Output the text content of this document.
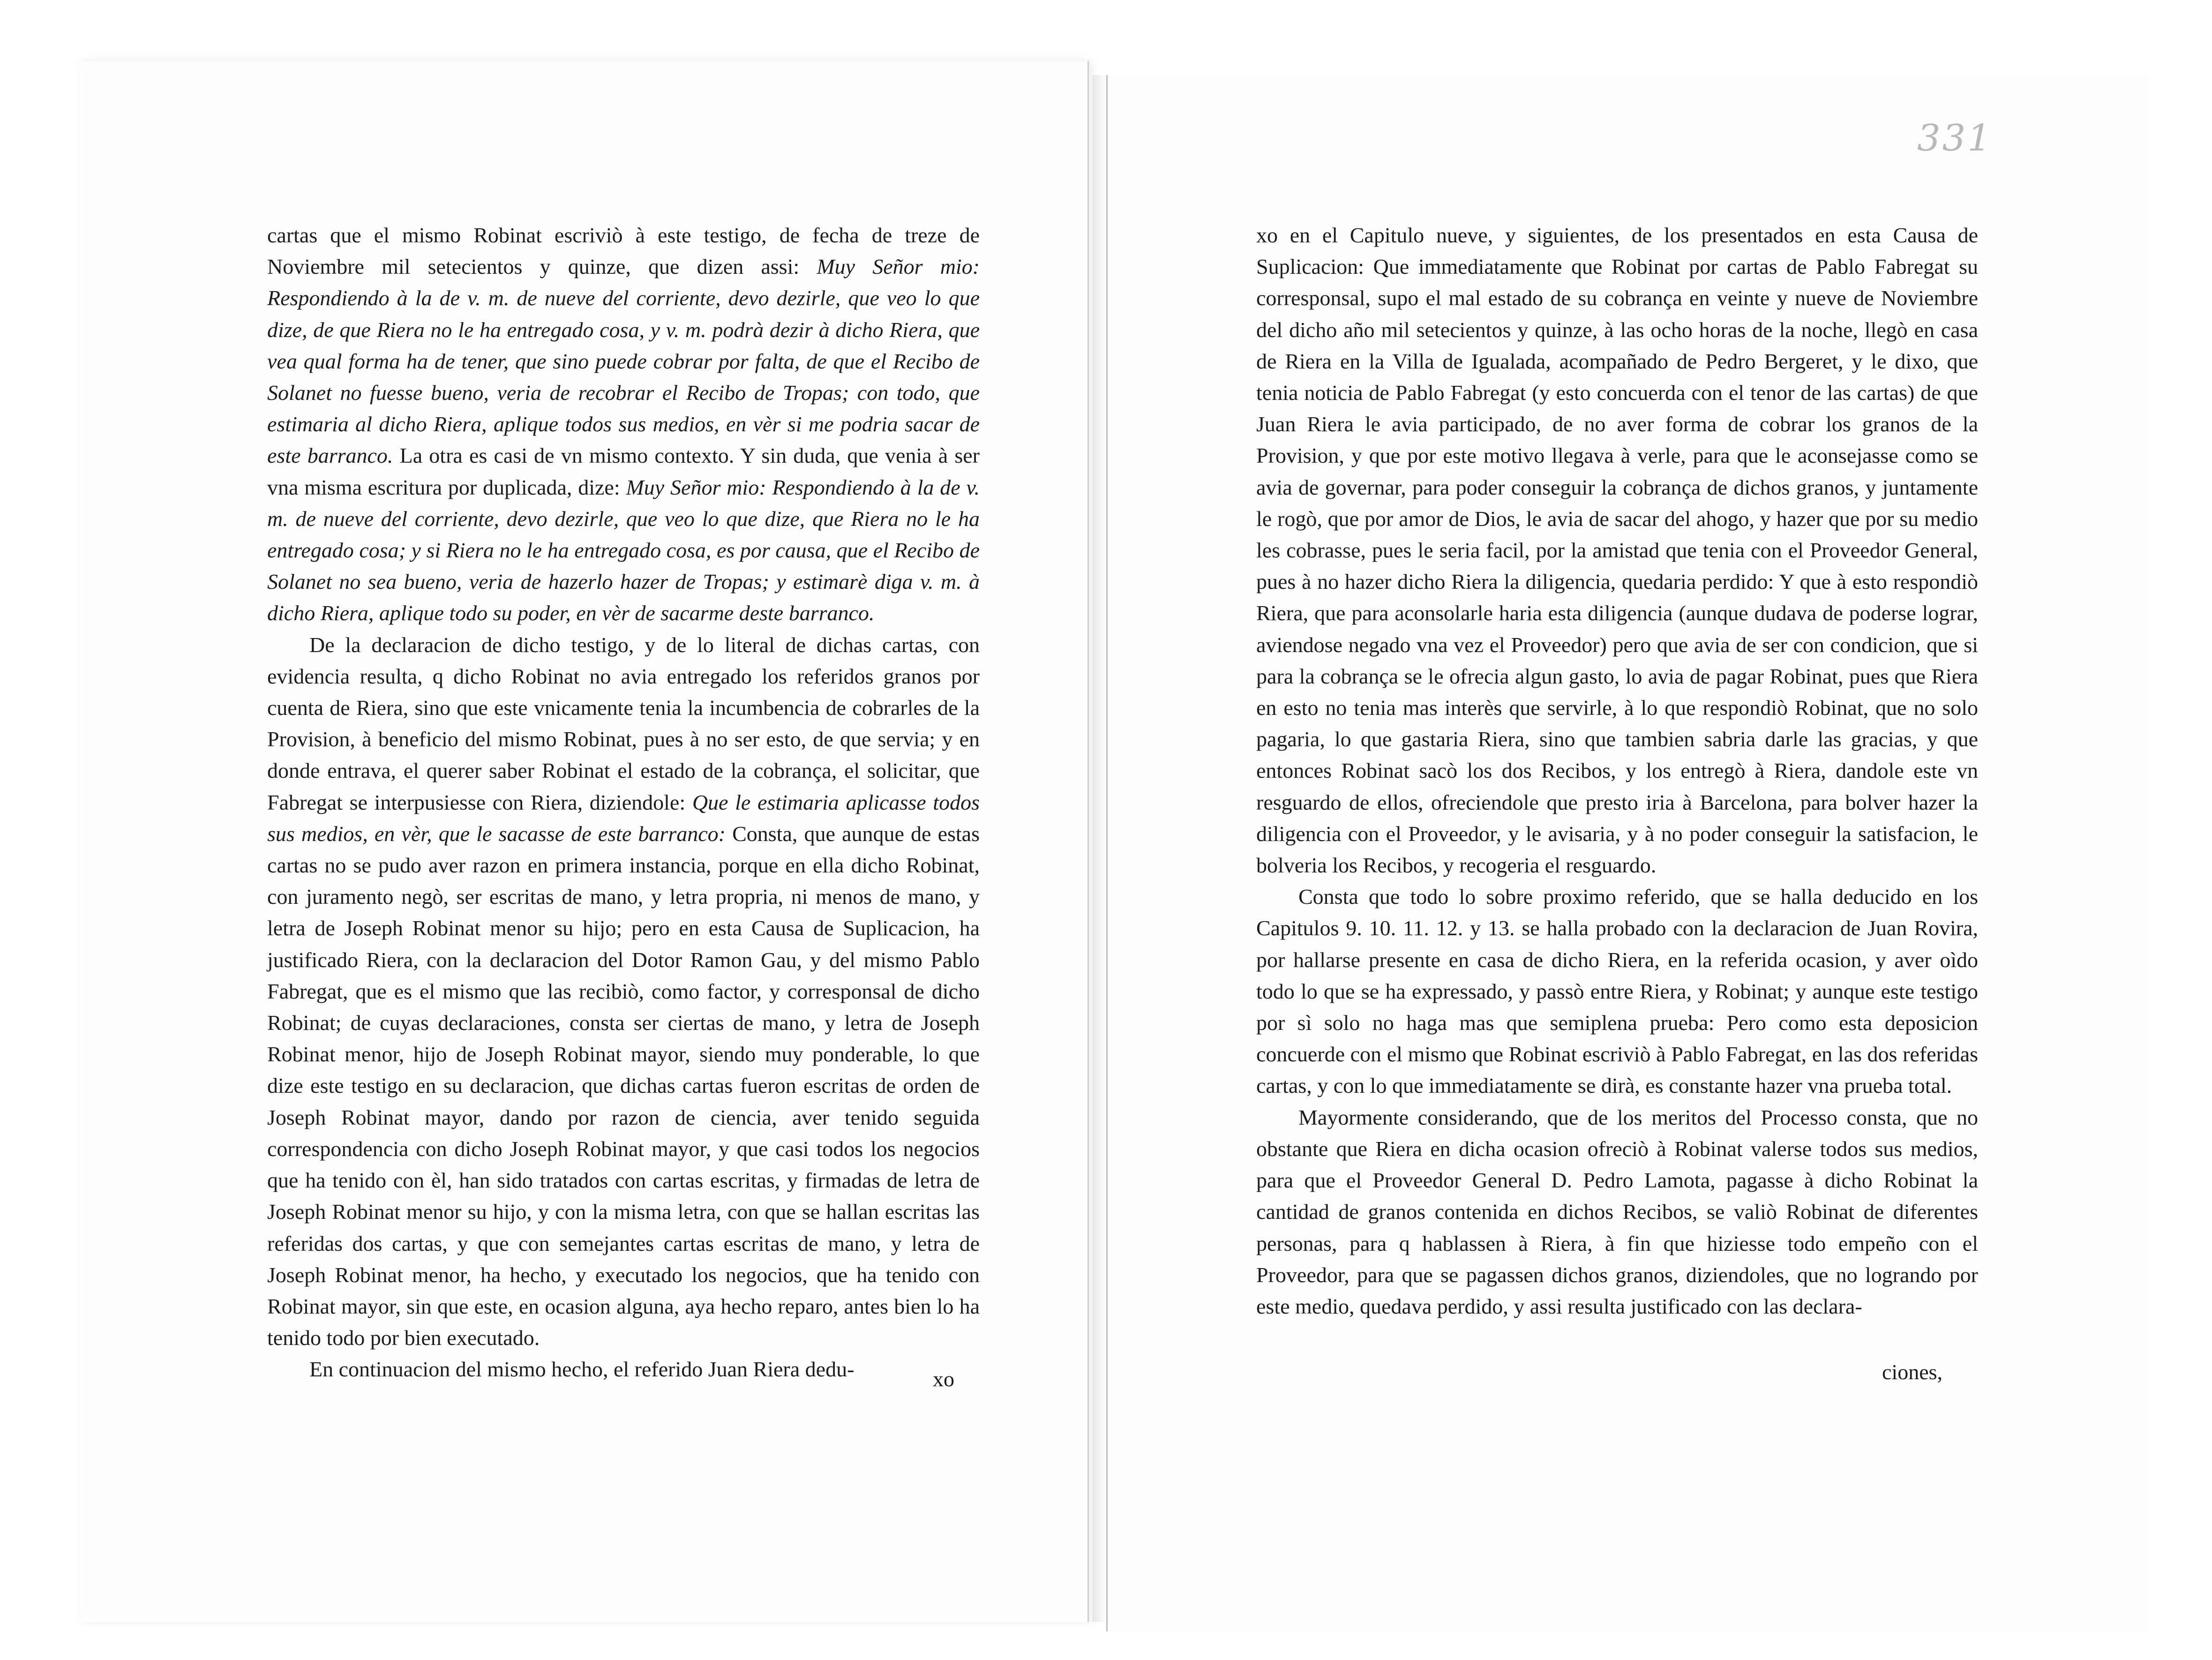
331

cartas que el mismo Robinat escriviò à este testigo, de fecha de treze de Noviembre mil setecientos y quinze, que dizen assi: Muy Señor mio: Respondiendo à la de v. m. de nueve del corriente, devo dezirle, que veo lo que dize, de que Riera no le ha entregado cosa, y v. m. podrà dezir à dicho Riera, que vea qual forma ha de tener, que sino puede cobrar por falta, de que el Recibo de Solanet no fuesse bueno, veria de recobrar el Recibo de Tropas; con todo, que estimaria al dicho Riera, aplique todos sus medios, en vèr si me podria sacar de este barranco. La otra es casi de vn mismo contexto. Y sin duda, que venia à ser vna misma escritura por duplicada, dize: Muy Señor mio: Respondiendo à la de v. m. de nueve del corriente, devo dezirle, que veo lo que dize, que Riera no le ha entregado cosa; y si Riera no le ha entregado cosa, es por causa, que el Recibo de Solanet no sea bueno, veria de hazerlo hazer de Tropas; y estimarè diga v. m. à dicho Riera, aplique todo su poder, en vèr de sacarme deste barranco.

De la declaracion de dicho testigo, y de lo literal de dichas cartas, con evidencia resulta, q dicho Robinat no avia entregado los referidos granos por cuenta de Riera, sino que este vnicamente tenia la incumbencia de cobrarles de la Provision, à beneficio del mismo Robinat, pues à no ser esto, de que servia; y en donde entrava, el querer saber Robinat el estado de la cobrança, el solicitar, que Fabregat se interpusiesse con Riera, diziendole: Que le estimaria aplicasse todos sus medios, en vèr, que le sacasse de este barranco: Consta, que aunque de estas cartas no se pudo aver razon en primera instancia, porque en ella dicho Robinat, con juramento negò, ser escritas de mano, y letra propria, ni menos de mano, y letra de Joseph Robinat menor su hijo; pero en esta Causa de Suplicacion, ha justificado Riera, con la declaracion del Dotor Ramon Gau, y del mismo Pablo Fabregat, que es el mismo que las recibiò, como factor, y corresponsal de dicho Robinat; de cuyas declaraciones, consta ser ciertas de mano, y letra de Joseph Robinat menor, hijo de Joseph Robinat mayor, siendo muy ponderable, lo que dize este testigo en su declaracion, que dichas cartas fueron escritas de orden de Joseph Robinat mayor, dando por razon de ciencia, aver tenido seguida correspondencia con dicho Joseph Robinat mayor, y que casi todos los negocios que ha tenido con èl, han sido tratados con cartas escritas, y firmadas de letra de Joseph Robinat menor su hijo, y con la misma letra, con que se hallan escritas las referidas dos cartas, y que con semejantes cartas escritas de mano, y letra de Joseph Robinat menor, ha hecho, y executado los negocios, que ha tenido con Robinat mayor, sin que este, en ocasion alguna, aya hecho reparo, antes bien lo ha tenido todo por bien executado.

En continuacion del mismo hecho, el referido Juan Riera dedu-	xo

xo en el Capitulo nueve, y siguientes, de los presentados en esta Causa de Suplicacion: Que immediatamente que Robinat por cartas de Pablo Fabregat su corresponsal, supo el mal estado de su cobrança en veinte y nueve de Noviembre del dicho año mil setecientos y quinze, à las ocho horas de la noche, llegò en casa de Riera en la Villa de Igualada, acompañado de Pedro Bergeret, y le dixo, que tenia noticia de Pablo Fabregat (y esto concuerda con el tenor de las cartas) de que Juan Riera le avia participado, de no aver forma de cobrar los granos de la Provision, y que por este motivo llegava à verle, para que le aconsejasse como se avia de governar, para poder conseguir la cobrança de dichos granos, y juntamente le rogò, que por amor de Dios, le avia de sacar del ahogo, y hazer que por su medio les cobrasse, pues le seria facil, por la amistad que tenia con el Proveedor General, pues à no hazer dicho Riera la diligencia, quedaria perdido: Y que à esto respondiò Riera, que para aconsolarle haria esta diligencia (aunque dudava de poderse lograr, aviendose negado vna vez el Proveedor) pero que avia de ser con condicion, que si para la cobrança se le ofrecia algun gasto, lo avia de pagar Robinat, pues que Riera en esto no tenia mas interès que servirle, à lo que respondiò Robinat, que no solo pagaria, lo que gastaria Riera, sino que tambien sabria darle las gracias, y que entonces Robinat sacò los dos Recibos, y los entregò à Riera, dandole este vn resguardo de ellos, ofreciendole que presto iria à Barcelona, para bolver hazer la diligencia con el Proveedor, y le avisaria, y à no poder conseguir la satisfacion, le bolveria los Recibos, y recogeria el resguardo.

Consta que todo lo sobre proximo referido, que se halla deducido en los Capitulos 9. 10. 11. 12. y 13. se halla probado con la declaracion de Juan Rovira, por hallarse presente en casa de dicho Riera, en la referida ocasion, y aver oìdo todo lo que se ha expressado, y passò entre Riera, y Robinat; y aunque este testigo por sì solo no haga mas que semiplena prueba: Pero como esta deposicion concuerde con el mismo que Robinat escriviò à Pablo Fabregat, en las dos referidas cartas, y con lo que immediatamente se dirà, es constante hazer vna prueba total.

Mayormente considerando, que de los meritos del Processo consta, que no obstante que Riera en dicha ocasion ofreciò à Robinat valerse todos sus medios, para que el Proveedor General D. Pedro Lamota, pagasse à dicho Robinat la cantidad de granos contenida en dichos Recibos, se valiò Robinat de diferentes personas, para q hablassen à Riera, à fin que hiziesse todo empeño con el Proveedor, para que se pagassen dichos granos, diziendoles, que no logrando por este medio, quedava perdido, y assi resulta justificado con las declara-

ciones,
